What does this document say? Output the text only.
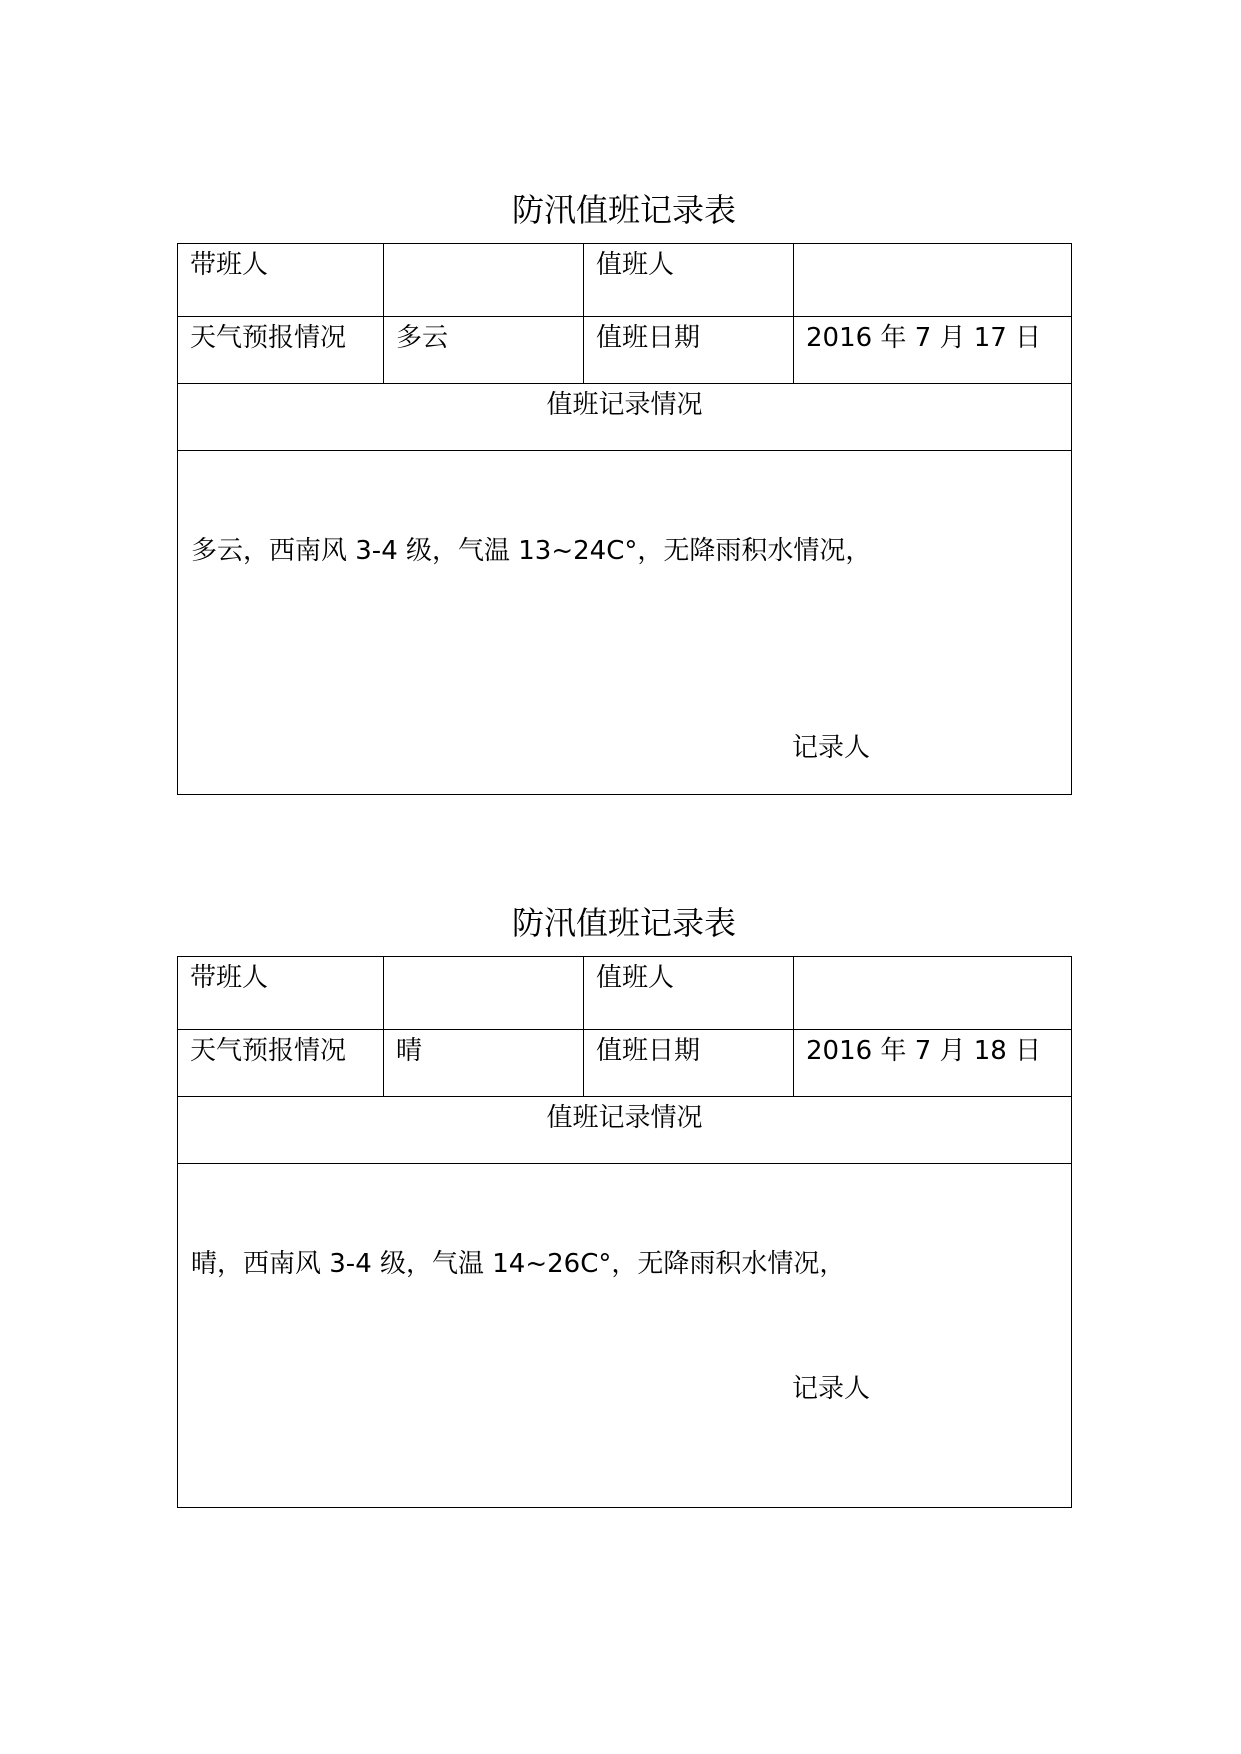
防汛值班记录表
带班人		值班人	
天气预报情况	多云	值班日期	2016 年 7 月 17 日
值班记录情况			

多云，西南风 3-4 级，气温 13~24C°，无降雨积水情况，
记录人			
防汛值班记录表
带班人		值班人	
天气预报情况	晴	值班日期	2016 年 7 月 18 日
值班记录情况			

晴，西南风 3-4 级，气温 14~26C°，无降雨积水情况，
记录人			
